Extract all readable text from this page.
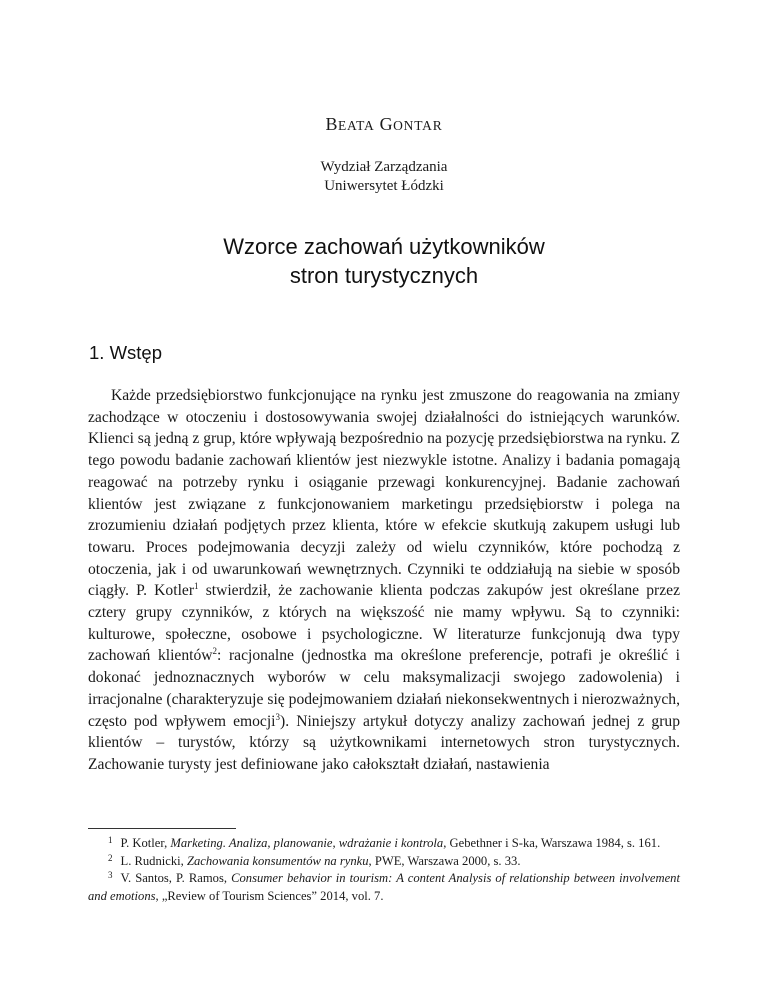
BEATA GONTAR
Wydział Zarządzania
Uniwersytet Łódzki
Wzorce zachowań użytkowników
stron turystycznych
1. Wstęp

Każde przedsiębiorstwo funkcjonujące na rynku jest zmuszone do reagowania na zmiany zachodzące w otoczeniu i dostosowywania swojej działalności do istniejących warunków. Klienci są jedną z grup, które wpływają bezpośrednio na pozycję przedsiębiorstwa na rynku. Z tego powodu badanie zachowań klientów jest niezwykle istotne. Analizy i badania pomagają reagować na potrzeby rynku i osiąganie przewagi konkurencyjnej. Badanie zachowań klientów jest związane z funkcjonowaniem marketingu przedsiębiorstw i polega na zrozumieniu działań podjętych przez klienta, które w efekcie skutkują zakupem usługi lub towaru. Proces podejmowania decyzji zależy od wielu czynników, które pochodzą z otoczenia, jak i od uwarunkowań wewnętrznych. Czynniki te oddziałują na siebie w sposób ciągły. P. Kotler$^1$ stwierdził, że zachowanie klienta podczas zakupów jest określane przez cztery grupy czynników, z których na większość nie mamy wpływu. Są to czynniki: kulturowe, społeczne, osobowe i psychologiczne. W literaturze funkcjonują dwa typy zachowań klientów$^2$: racjonalne (jednostka ma określone preferencje, potrafi je określić i dokonać jednoznacznych wyborów w celu maksymalizacji swojego zadowolenia) i irracjonalne (charakteryzuje się podejmowaniem działań niekonsekwentnych i nierozważnych, często pod wpływem emocji$^3$). Niniejszy artykuł dotyczy analizy zachowań jednej z grup klientów – turystów, którzy są użytkownikami internetowych stron turystycznych. Zachowanie turysty jest definiowane jako całokształt działań, nastawienia

$^1$ P. Kotler, Marketing. Analiza, planowanie, wdrażanie i kontrola, Gebethner i S-ka, Warszawa 1984, s. 161.

$^2$ L. Rudnicki, Zachowania konsumentów na rynku, PWE, Warszawa 2000, s. 33.

$^3$ V. Santos, P. Ramos, Consumer behavior in tourism: A content Analysis of relationship between involvement and emotions, „Review of Tourism Sciences” 2014, vol. 7.
